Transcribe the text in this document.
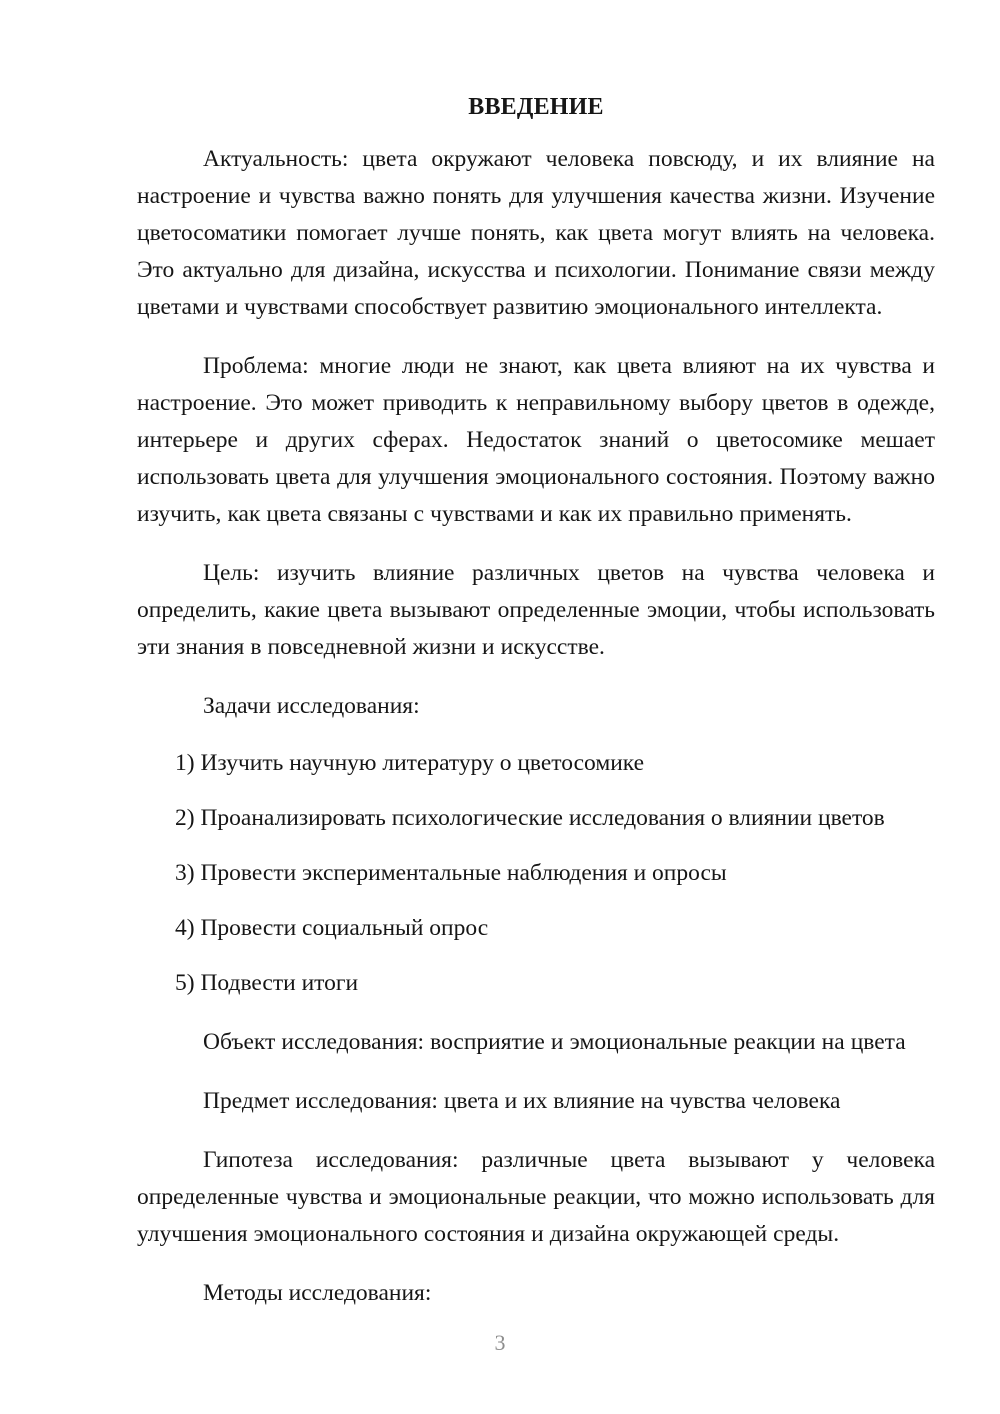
ВВЕДЕНИЕ

Актуальность: цвета окружают человека повсюду, и их влияние на настроение и чувства важно понять для улучшения качества жизни. Изучение цветосоматики помогает лучше понять, как цвета могут влиять на человека. Это актуально для дизайна, искусства и психологии. Понимание связи между цветами и чувствами способствует развитию эмоционального интеллекта.

Проблема: многие люди не знают, как цвета влияют на их чувства и настроение. Это может приводить к неправильному выбору цветов в одежде, интерьере и других сферах. Недостаток знаний о цветосомике мешает использовать цвета для улучшения эмоционального состояния. Поэтому важно изучить, как цвета связаны с чувствами и как их правильно применять.

Цель: изучить влияние различных цветов на чувства человека и определить, какие цвета вызывают определенные эмоции, чтобы использовать эти знания в повседневной жизни и искусстве.

Задачи исследования:

1) Изучить научную литературу о цветосомике
2) Проанализировать психологические исследования о влиянии цветов
3) Провести экспериментальные наблюдения и опросы
4) Провести социальный опрос
5) Подвести итоги

Объект исследования: восприятие и эмоциональные реакции на цвета

Предмет исследования: цвета и их влияние на чувства человека

Гипотеза исследования: различные цвета вызывают у человека определенные чувства и эмоциональные реакции, что можно использовать для улучшения эмоционального состояния и дизайна окружающей среды.

Методы исследования:

3
